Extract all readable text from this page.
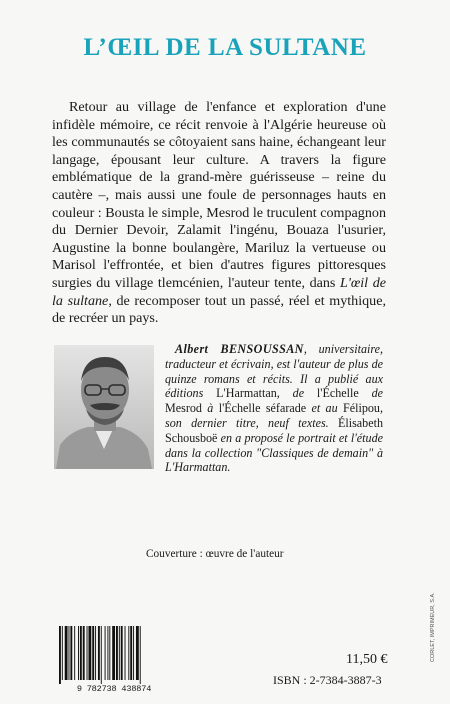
L’ŒIL DE LA SULTANE

Retour au village de l'enfance et exploration d'une infidèle mémoire, ce récit renvoie à l'Algérie heureuse où les communautés se côtoyaient sans haine, échangeant leur langage, épousant leur culture. A travers la figure emblématique de la grand-mère guérisseuse – reine du cautère –, mais aussi une foule de personnages hauts en couleur : Bousta le simple, Mesrod le truculent compagnon du Dernier Devoir, Zalamit l'ingénu, Bouaza l'usurier, Augustine la bonne boulangère, Mariluz la vertueuse ou Marisol l'effrontée, et bien d'autres figures pittoresques surgies du village tlemcénien, l'auteur tente, dans L'œil de la sultane, de recomposer tout un passé, réel et mythique, de recréer un pays.

Albert BENSOUSSAN, universitaire, traducteur et écrivain, est l'auteur de plus de quinze romans et récits. Il a publié aux éditions L'Harmattan, de l'Échelle de Mesrod à l'Échelle séfarade et au Félipou, son dernier titre, neuf textes. Élisabeth Schousboë en a proposé le portrait et l'étude dans la collection "Classiques de demain" à L'Harmattan.

Couverture : œuvre de l'auteur
9 782738 438874
11,50 €
ISBN : 2-7384-3887-3
CORLET, IMPRIMEUR, S.A.
